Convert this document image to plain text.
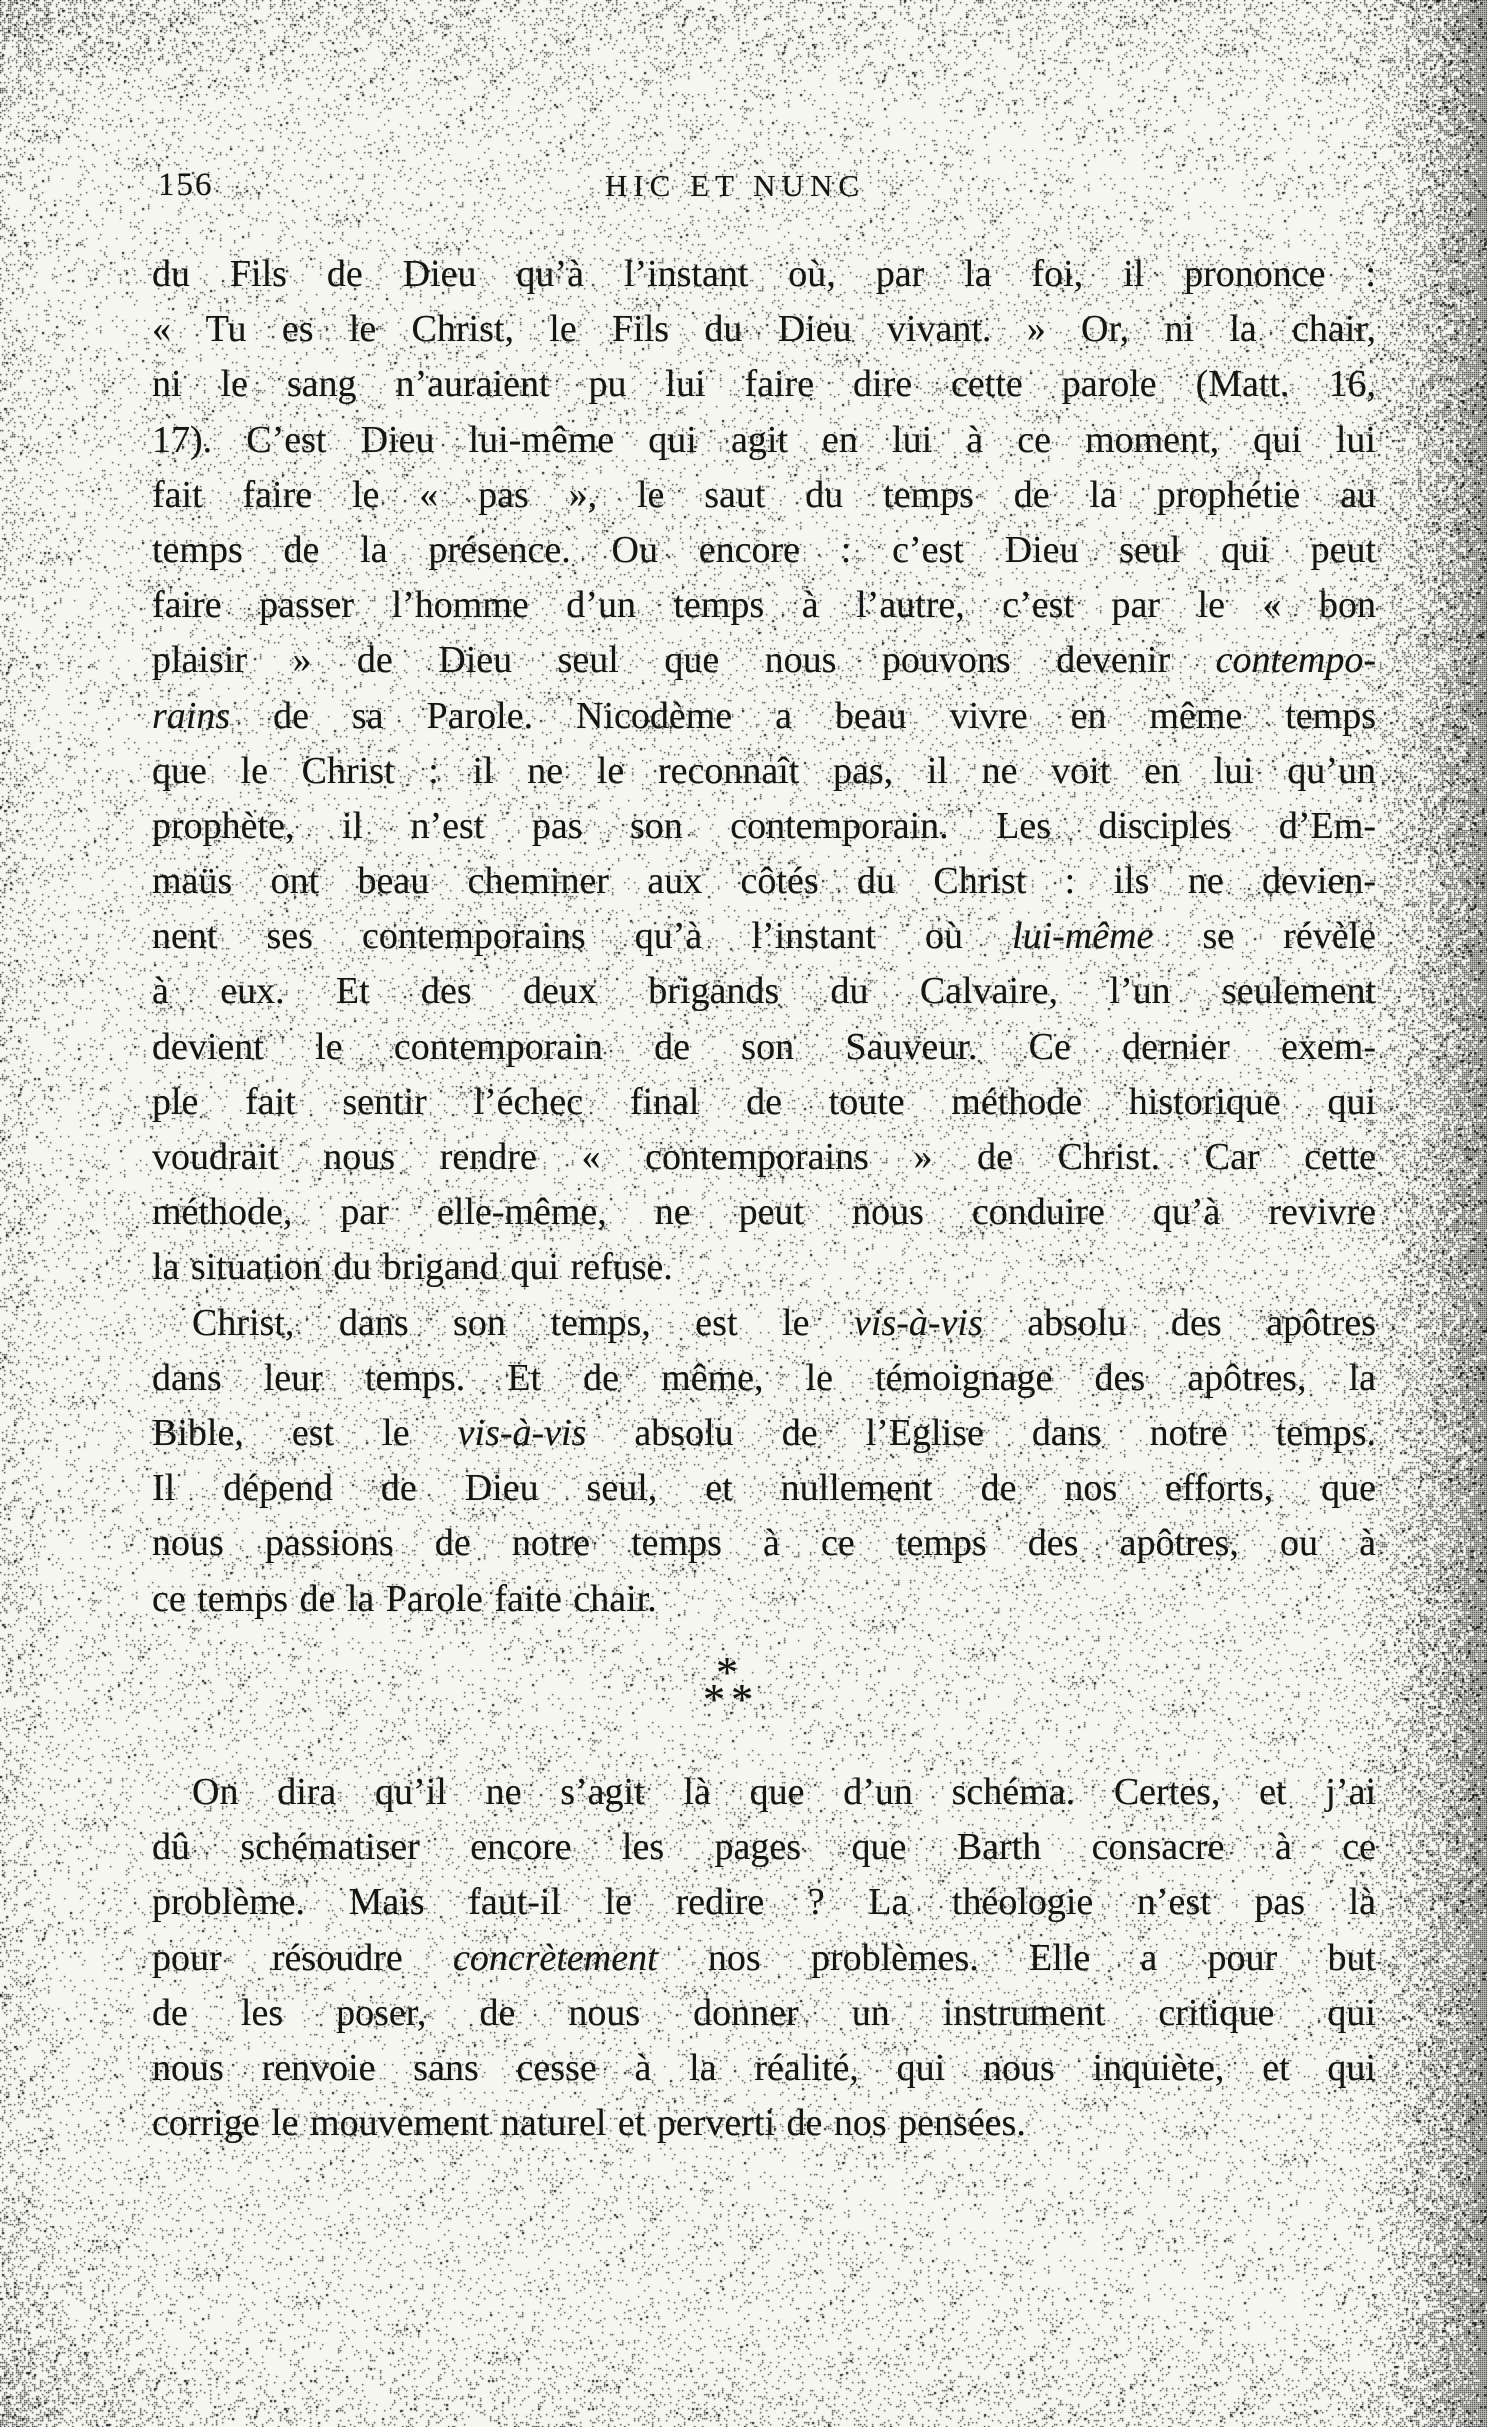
156	HIC ET NUNC
du Fils de Dieu qu’à l’instant où, par la foi, il prononce :
« Tu es le Christ, le Fils du Dieu vivant. » Or, ni la chair,
ni le sang n’auraient pu lui faire dire cette parole (Matt. 16,
17). C’est Dieu lui-même qui agit en lui à ce moment, qui lui
fait faire le « pas », le saut du temps de la prophétie au
temps de la présence. Ou encore : c’est Dieu seul qui peut
faire passer l’homme d’un temps à l’autre, c’est par le « bon
plaisir » de Dieu seul que nous pouvons devenir contempo-
rains de sa Parole. Nicodème a beau vivre en même temps
que le Christ : il ne le reconnaît pas, il ne voit en lui qu’un
prophète, il n’est pas son contemporain. Les disciples d’Em-
maüs ont beau cheminer aux côtés du Christ : ils ne devien-
nent ses contemporains qu’à l’instant où lui-même se révèle
à eux. Et des deux brigands du Calvaire, l’un seulement
devient le contemporain de son Sauveur. Ce dernier exem-
ple fait sentir l’échec final de toute méthode historique qui
voudrait nous rendre « contemporains » de Christ. Car cette
méthode, par elle-même, ne peut nous conduire qu’à revivre
la situation du brigand qui refuse.
Christ, dans son temps, est le vis-à-vis absolu des apôtres
dans leur temps. Et de même, le témoignage des apôtres, la
Bible, est le vis-à-vis absolu de l’Eglise dans notre temps.
Il dépend de Dieu seul, et nullement de nos efforts, que
nous passions de notre temps à ce temps des apôtres, ou à
ce temps de la Parole faite chair.
*
* *
On dira qu’il ne s’agit là que d’un schéma. Certes, et j’ai
dû schématiser encore les pages que Barth consacre à ce
problème. Mais faut-il le redire ? La théologie n’est pas là
pour résoudre concrètement nos problèmes. Elle a pour but
de les poser, de nous donner un instrument critique qui
nous renvoie sans cesse à la réalité, qui nous inquiète, et qui
corrige le mouvement naturel et perverti de nos pensées.
